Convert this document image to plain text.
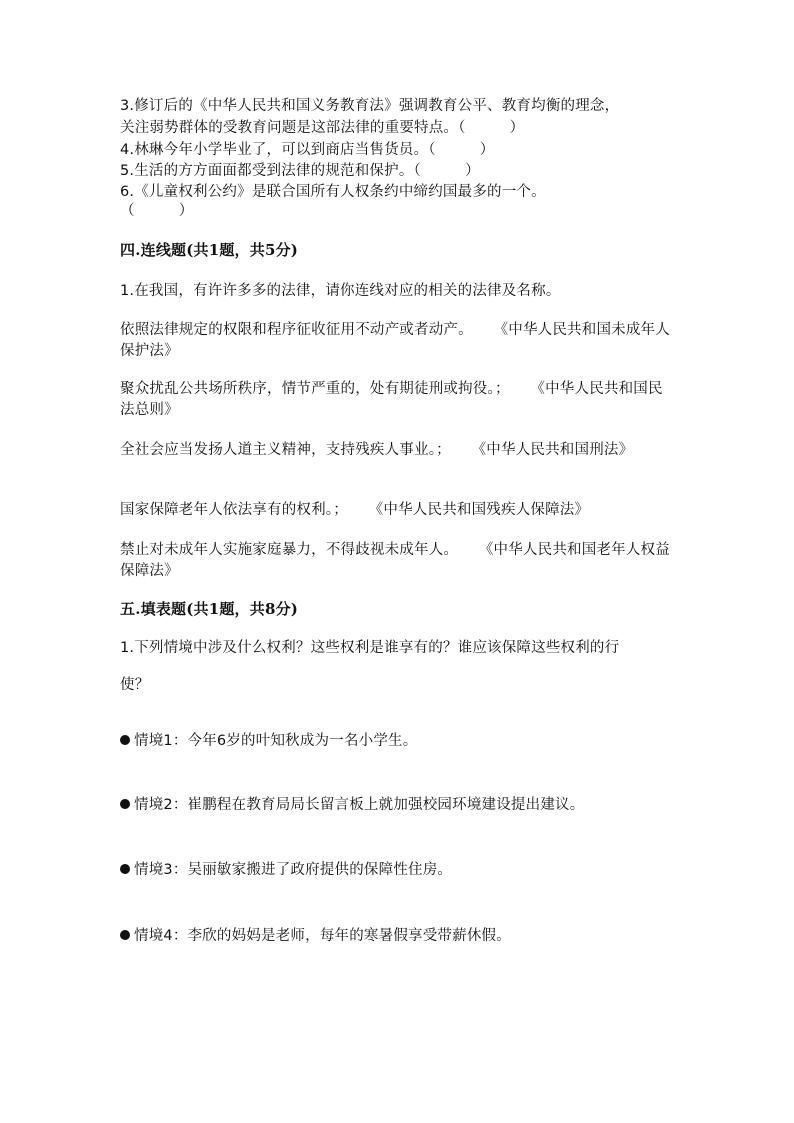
3.修订后的《中华人民共和国义务教育法》强调教育公平、教育均衡的理念，
关注弱势群体的受教育问题是这部法律的重要特点。（　　　）
4.林琳今年小学毕业了，可以到商店当售货员。（　　　）
5.生活的方方面面都受到法律的规范和保护。（　　　）
6.《儿童权利公约》是联合国所有人权条约中缔约国最多的一个。
（　　　）
四.连线题(共1题，共5分)
1.在我国，有许许多多的法律，请你连线对应的相关的法律及名称。
依照法律规定的权限和程序征收征用不动产或者动产。 《中华人民共和国未成年人保护法》
聚众扰乱公共场所秩序，情节严重的，处有期徒刑或拘役。； 《中华人民共和国民法总则》
全社会应当发扬人道主义精神，支持残疾人事业。； 《中华人民共和国刑法》
国家保障老年人依法享有的权利。； 《中华人民共和国残疾人保障法》
禁止对未成年人实施家庭暴力，不得歧视未成年人。 《中华人民共和国老年人权益保障法》
五.填表题(共1题，共8分)
1.下列情境中涉及什么权利？这些权利是谁享有的？谁应该保障这些权利的行
使？
情境1：今年6岁的叶知秋成为一名小学生。
情境2：崔鹏程在教育局局长留言板上就加强校园环境建设提出建议。
情境3：吴丽敏家搬进了政府提供的保障性住房。
情境4：李欣的妈妈是老师，每年的寒暑假享受带薪休假。
